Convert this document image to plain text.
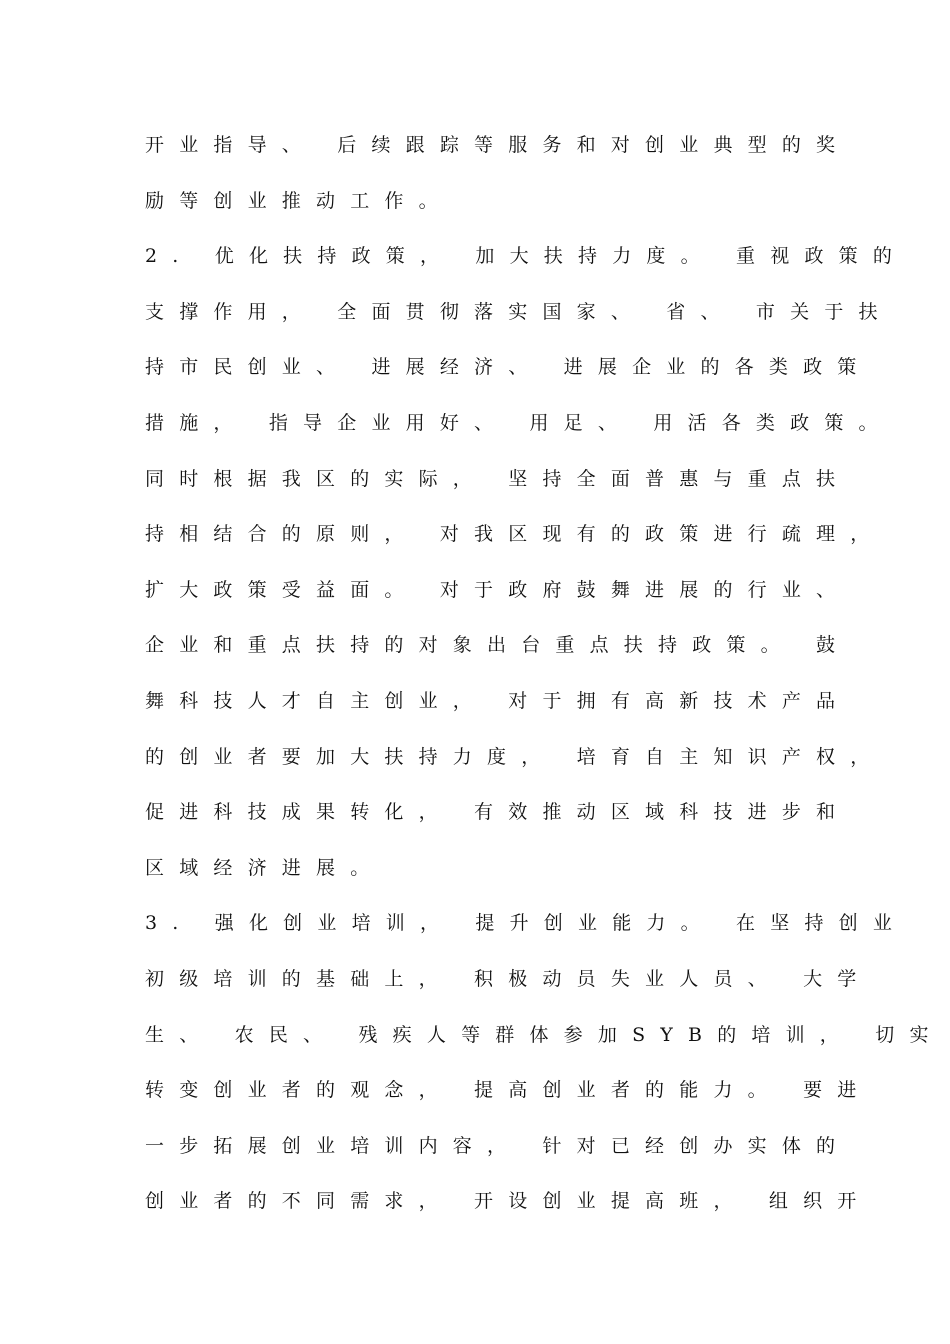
开业指导、 后续跟踪等服务和对创业典型的奖
励等创业推动工作。
2. 优化扶持政策， 加大扶持力度。 重视政策的
支撑作用， 全面贯彻落实国家、 省、 市关于扶
持市民创业、 进展经济、 进展企业的各类政策
措施， 指导企业用好、 用足、 用活各类政策。
同时根据我区的实际， 坚持全面普惠与重点扶
持相结合的原则， 对我区现有的政策进行疏理，
扩大政策受益面。 对于政府鼓舞进展的行业、
企业和重点扶持的对象出台重点扶持政策。 鼓
舞科技人才自主创业， 对于拥有高新技术产品
的创业者要加大扶持力度， 培育自主知识产权，
促进科技成果转化， 有效推动区域科技进步和
区域经济进展。
3. 强化创业培训， 提升创业能力。 在坚持创业
初级培训的基础上， 积极动员失业人员、 大学
生、 农民、 残疾人等群体参加SYB的培训， 切实
转变创业者的观念， 提高创业者的能力。 要进
一步拓展创业培训内容， 针对已经创办实体的
创业者的不同需求， 开设创业提高班， 组织开
